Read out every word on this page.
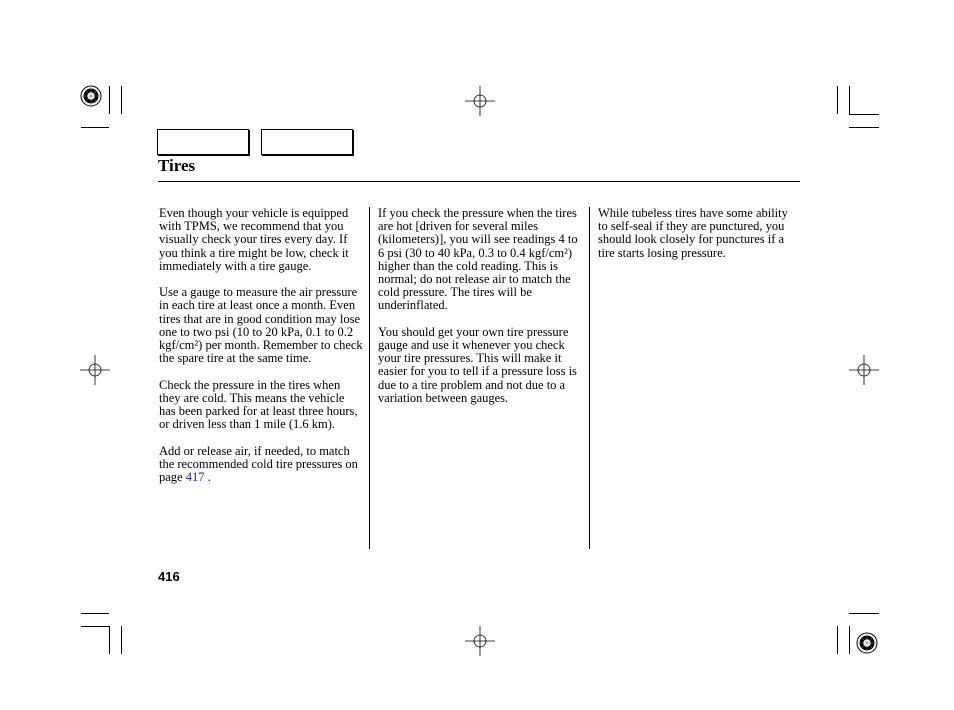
Tires

Even though your vehicle is equipped with TPMS, we recommend that you visually check your tires every day. If you think a tire might be low, check it immediately with a tire gauge.

Use a gauge to measure the air pressure in each tire at least once a month. Even tires that are in good condition may lose one to two psi (10 to 20 kPa, 0.1 to 0.2 kgf/cm²) per month. Remember to check the spare tire at the same time.

Check the pressure in the tires when they are cold. This means the vehicle has been parked for at least three hours, or driven less than 1 mile (1.6 km).

Add or release air, if needed, to match the recommended cold tire pressures on page 417 .

If you check the pressure when the tires are hot [driven for several miles (kilometers)], you will see readings 4 to 6 psi (30 to 40 kPa, 0.3 to 0.4 kgf/cm²) higher than the cold reading. This is normal; do not release air to match the cold pressure. The tires will be underinflated.

You should get your own tire pressure gauge and use it whenever you check your tire pressures. This will make it easier for you to tell if a pressure loss is due to a tire problem and not due to a variation between gauges.

While tubeless tires have some ability to self-seal if they are punctured, you should look closely for punctures if a tire starts losing pressure.

416
